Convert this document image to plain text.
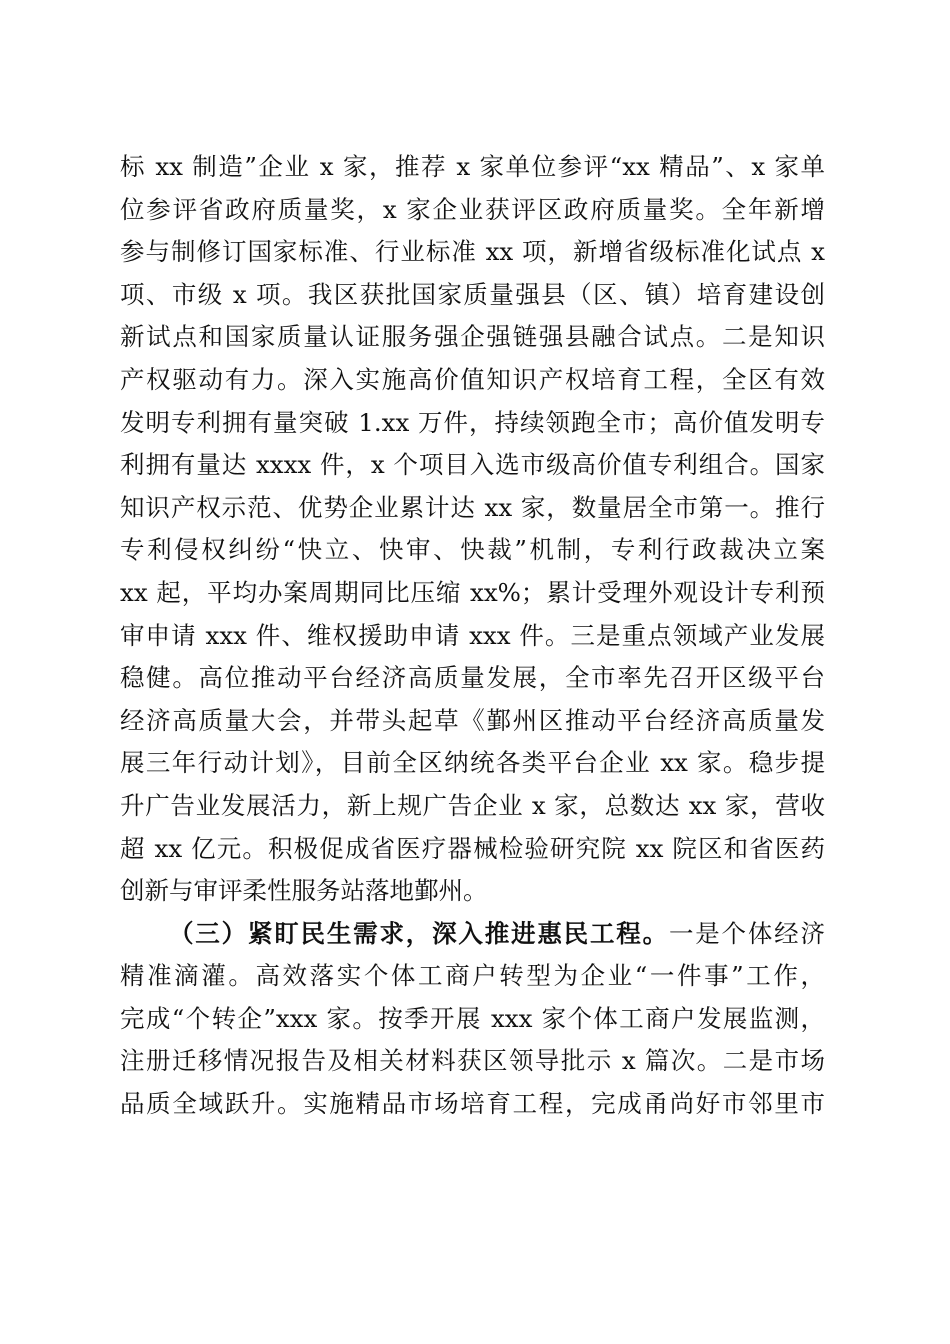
标 xx 制造”企业 x 家，推荐 x 家单位参评“xx 精品”、x 家单
位参评省政府质量奖，x 家企业获评区政府质量奖。全年新增
参与制修订国家标准、行业标准 xx 项，新增省级标准化试点 x
项、市级 x 项。我区获批国家质量强县（区、镇）培育建设创
新试点和国家质量认证服务强企强链强县融合试点。二是知识
产权驱动有力。深入实施高价值知识产权培育工程，全区有效
发明专利拥有量突破 1.xx 万件，持续领跑全市；高价值发明专
利拥有量达 xxxx 件，x 个项目入选市级高价值专利组合。国家
知识产权示范、优势企业累计达 xx 家，数量居全市第一。推行
专利侵权纠纷“快立、快审、快裁”机制，专利行政裁决立案
xx 起，平均办案周期同比压缩 xx%；累计受理外观设计专利预
审申请 xxx 件、维权援助申请 xxx 件。三是重点领域产业发展
稳健。高位推动平台经济高质量发展，全市率先召开区级平台
经济高质量大会，并带头起草《鄞州区推动平台经济高质量发
展三年行动计划》，目前全区纳统各类平台企业 xx 家。稳步提
升广告业发展活力，新上规广告企业 x 家，总数达 xx 家，营收
超 xx 亿元。积极促成省医疗器械检验研究院 xx 院区和省医药
创新与审评柔性服务站落地鄞州。
（三）紧盯民生需求，深入推进惠民工程。一是个体经济
精准滴灌。高效落实个体工商户转型为企业“一件事”工作，
完成“个转企”xxx 家。按季开展 xxx 家个体工商户发展监测，
注册迁移情况报告及相关材料获区领导批示 x 篇次。二是市场
品质全域跃升。实施精品市场培育工程，完成甬尚好市邻里市
